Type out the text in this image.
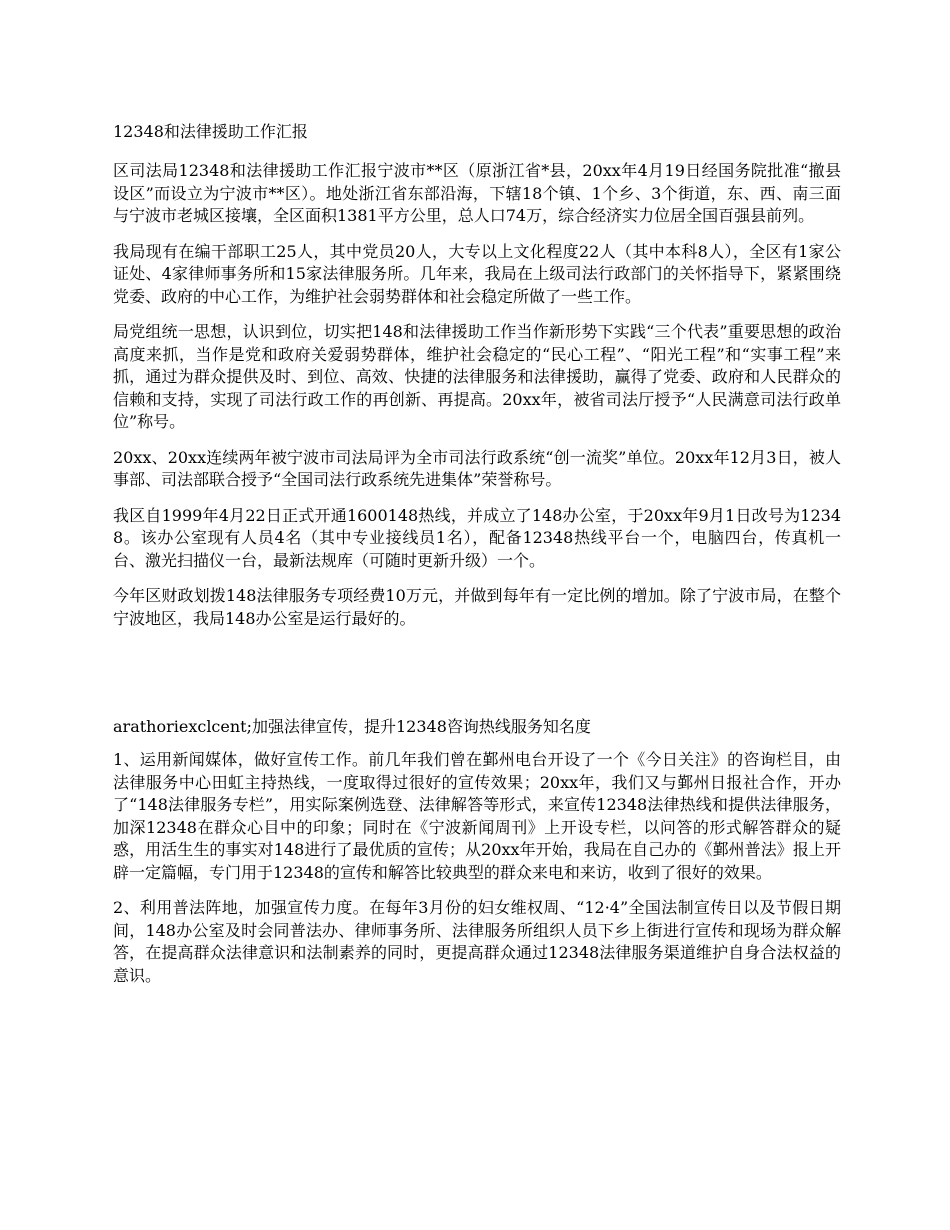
12348和法律援助工作汇报

区司法局12348和法律援助工作汇报宁波市**区（原浙江省*县，20xx年4月19日经国务院批准“撤县设区”而设立为宁波市**区）。地处浙江省东部沿海，下辖18个镇、1个乡、3个街道，东、西、南三面与宁波市老城区接壤，全区面积1381平方公里，总人口74万，综合经济实力位居全国百强县前列。

我局现有在编干部职工25人，其中党员20人，大专以上文化程度22人（其中本科8人），全区有1家公证处、4家律师事务所和15家法律服务所。几年来，我局在上级司法行政部门的关怀指导下，紧紧围绕党委、政府的中心工作，为维护社会弱势群体和社会稳定所做了一些工作。

局党组统一思想，认识到位，切实把148和法律援助工作当作新形势下实践“三个代表”重要思想的政治高度来抓，当作是党和政府关爱弱势群体，维护社会稳定的“民心工程”、“阳光工程”和“实事工程”来抓，通过为群众提供及时、到位、高效、快捷的法律服务和法律援助，赢得了党委、政府和人民群众的信赖和支持，实现了司法行政工作的再创新、再提高。20xx年，被省司法厅授予“人民满意司法行政单位”称号。

20xx、20xx连续两年被宁波市司法局评为全市司法行政系统“创一流奖”单位。20xx年12月3日，被人事部、司法部联合授予“全国司法行政系统先进集体”荣誉称号。

我区自1999年4月22日正式开通1600148热线，并成立了148办公室，于20xx年9月1日改号为12348。该办公室现有人员4名（其中专业接线员1名），配备12348热线平台一个，电脑四台，传真机一台、激光扫描仪一台，最新法规库（可随时更新升级）一个。

今年区财政划拨148法律服务专项经费10万元，并做到每年有一定比例的增加。除了宁波市局，在整个宁波地区，我局148办公室是运行最好的。

arathoriexclcent;加强法律宣传，提升12348咨询热线服务知名度

1、运用新闻媒体，做好宣传工作。前几年我们曾在鄞州电台开设了一个《今日关注》的咨询栏目，由法律服务中心田虹主持热线，一度取得过很好的宣传效果；20xx年，我们又与鄞州日报社合作，开办了“148法律服务专栏”，用实际案例选登、法律解答等形式，来宣传12348法律热线和提供法律服务，加深12348在群众心目中的印象；同时在《宁波新闻周刊》上开设专栏，以问答的形式解答群众的疑惑，用活生生的事实对148进行了最优质的宣传；从20xx年开始，我局在自己办的《鄞州普法》报上开辟一定篇幅，专门用于12348的宣传和解答比较典型的群众来电和来访，收到了很好的效果。

2、利用普法阵地，加强宣传力度。在每年3月份的妇女维权周、“12·4”全国法制宣传日以及节假日期间，148办公室及时会同普法办、律师事务所、法律服务所组织人员下乡上街进行宣传和现场为群众解答，在提高群众法律意识和法制素养的同时，更提高群众通过12348法律服务渠道维护自身合法权益的意识。
